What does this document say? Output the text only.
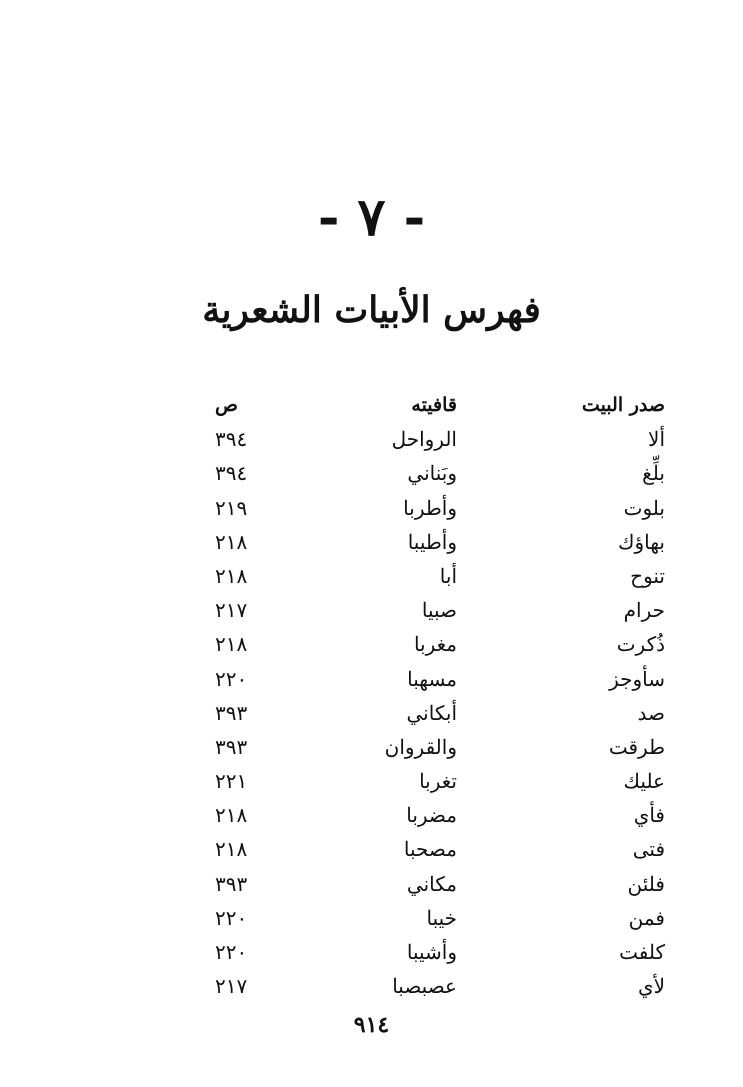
- ٧ -
فهرس الأبيات الشعرية
صدر البيت
قافيته
ص
ألا
الرواحل
٣٩٤
بلِّغ
وبَناني
٣٩٤
بلوت
وأطربا
٢١٩
بهاؤك
وأطيبا
٢١٨
تنوح
أبا
٢١٨
حرام
صبيا
٢١٧
ذُكرت
مغربا
٢١٨
سأوجز
مسهبا
٢٢٠
صد
أبكاني
٣٩٣
طرقت
والقروان
٣٩٣
عليك
تغربا
٢٢١
فأي
مضربا
٢١٨
فتى
مصحبا
٢١٨
فلئن
مكاني
٣٩٣
فمن
خيبا
٢٢٠
كلفت
وأشيبا
٢٢٠
لأي
عصبصبا
٢١٧
٩١٤
